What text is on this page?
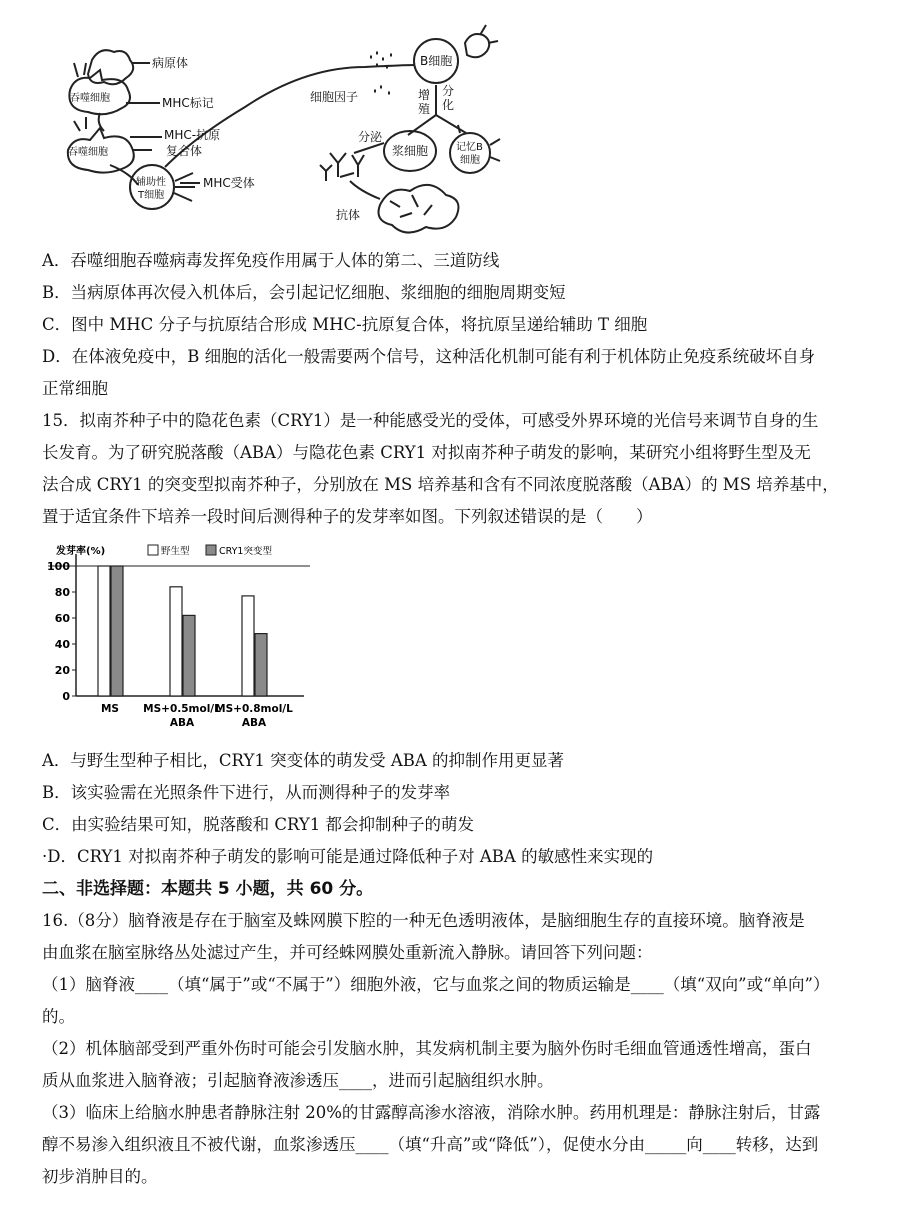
病原体
吞噬细胞	MHC标记
吞噬细胞
MHC-抗原
复合体
辅助性
T细胞
MHC受体
细胞因子
B细胞
增
殖
分
化
分泌
浆细胞	记忆B
细胞
抗体
A．吞噬细胞吞噬病毒发挥免疫作用属于人体的第二、三道防线
B．当病原体再次侵入机体后，会引起记忆细胞、浆细胞的细胞周期变短
C．图中 MHC 分子与抗原结合形成 MHC-抗原复合体，将抗原呈递给辅助 T 细胞
D．在体液免疫中，B 细胞的活化一般需要两个信号，这种活化机制可能有利于机体防止免疫系统破坏自身
正常细胞
15．拟南芥种子中的隐花色素（CRY1）是一种能感受光的受体，可感受外界环境的光信号来调节自身的生
长发育。为了研究脱落酸（ABA）与隐花色素 CRY1 对拟南芥种子萌发的影响，某研究小组将野生型及无
法合成 CRY1 的突变型拟南芥种子，分别放在 MS 培养基和含有不同浓度脱落酸（ABA）的 MS 培养基中，
置于适宜条件下培养一段时间后测得种子的发芽率如图。下列叙述错误的是（　　）
0
20
40
60
80
100
发芽率(%)	野生型	CRY1突变型
MS MS+0.5mol/L
ABA
MS+0.8mol/L
ABA
A．与野生型种子相比，CRY1 突变体的萌发受 ABA 的抑制作用更显著
B．该实验需在光照条件下进行，从而测得种子的发芽率
C．由实验结果可知，脱落酸和 CRY1 都会抑制种子的萌发
·D．CRY1 对拟南芥种子萌发的影响可能是通过降低种子对 ABA 的敏感性来实现的
二、非选择题：本题共 5 小题，共 60 分。
16.（8分）脑脊液是存在于脑室及蛛网膜下腔的一种无色透明液体，是脑细胞生存的直接环境。脑脊液是
由血浆在脑室脉络丛处滤过产生，并可经蛛网膜处重新流入静脉。请回答下列问题：
（1）脑脊液____（填“属于”或“不属于”）细胞外液，它与血浆之间的物质运输是____（填“双向”或“单向”）
的。
（2）机体脑部受到严重外伤时可能会引发脑水肿，其发病机制主要为脑外伤时毛细血管通透性增高，蛋白
质从血浆进入脑脊液；引起脑脊液渗透压____，进而引起脑组织水肿。
（3）临床上给脑水肿患者静脉注射 20%的甘露醇高渗水溶液，消除水肿。药用机理是：静脉注射后，甘露
醇不易渗入组织液且不被代谢，血浆渗透压____（填“升高”或“降低”），促使水分由_____向____转移，达到
初步消肿目的。
